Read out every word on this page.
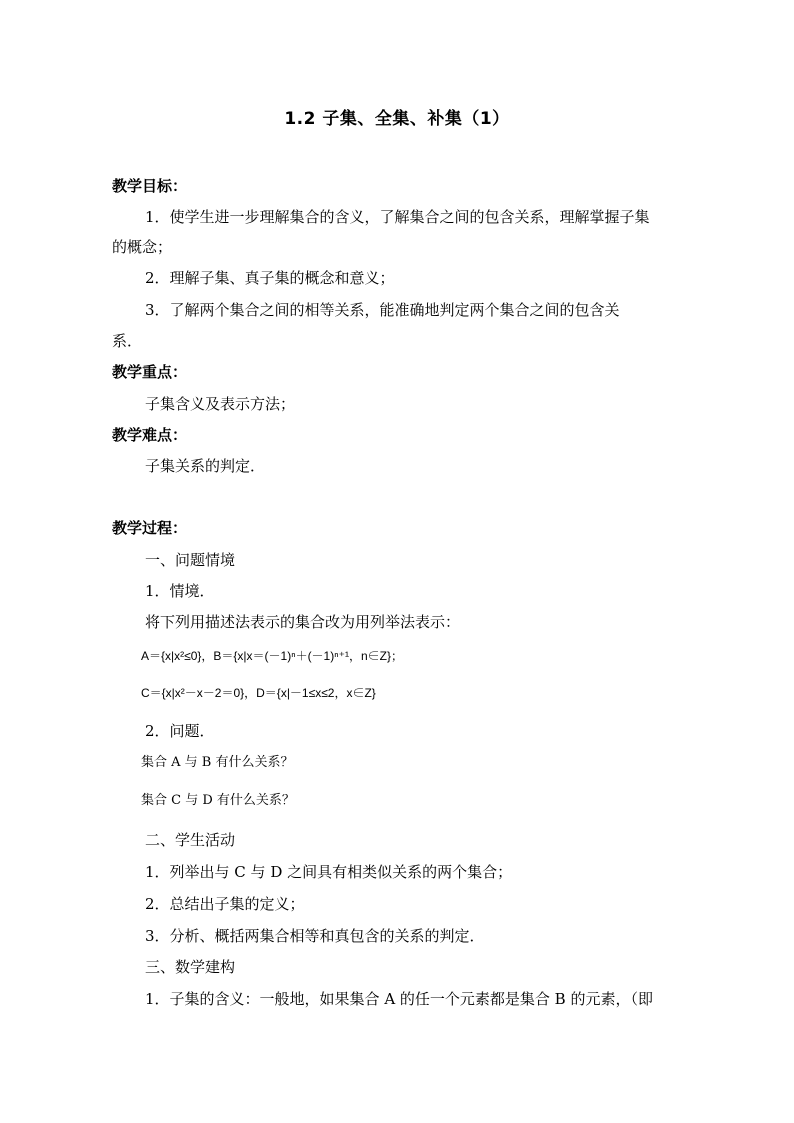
1.2 子集、全集、补集（1）
教学目标：
1．使学生进一步理解集合的含义，了解集合之间的包含关系，理解掌握子集
的概念；
2．理解子集、真子集的概念和意义；
3．了解两个集合之间的相等关系，能准确地判定两个集合之间的包含关
系．
教学重点：
子集含义及表示方法；
教学难点：
子集关系的判定．
教学过程：
一、问题情境
1．情境．
将下列用描述法表示的集合改为用列举法表示：
A＝{x|x²≤0}，B＝{x|x＝(－1)ⁿ＋(－1)ⁿ⁺¹，n∈Z}；
C＝{x|x²－x－2＝0}，D＝{x|－1≤x≤2，x∈Z}
2．问题．
集合 A 与 B 有什么关系？
集合 C 与 D 有什么关系？
二、学生活动
1．列举出与 C 与 D 之间具有相类似关系的两个集合；
2．总结出子集的定义；
3．分析、概括两集合相等和真包含的关系的判定．
三、数学建构
1．子集的含义：一般地，如果集合 A 的任一个元素都是集合 B 的元素，（即
